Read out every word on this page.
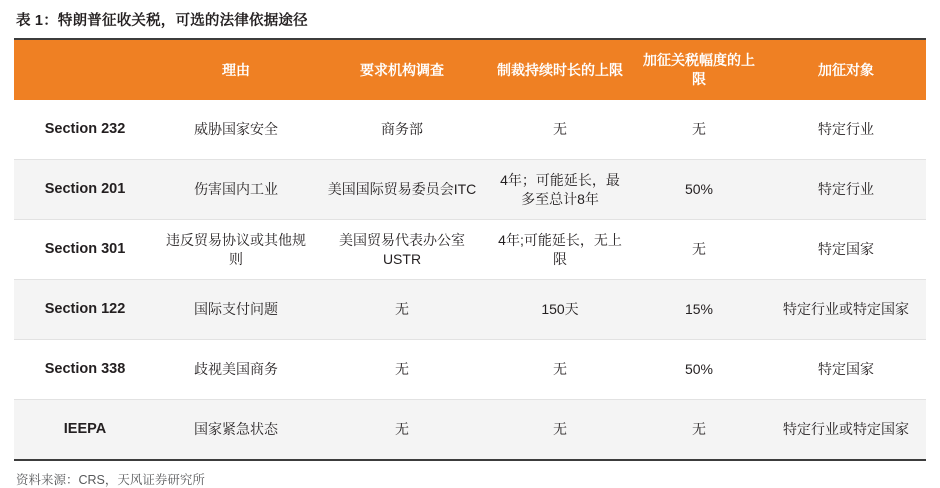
表 1：特朗普征收关税，可选的法律依据途径
	理由	要求机构调查	制裁持续时长的上限	加征关税幅度的上限	加征对象
Section 232	威胁国家安全	商务部	无	无	特定行业
Section 201	伤害国内工业	美国国际贸易委员会ITC	4年；可能延长，最多至总计8年	50%	特定行业
Section 301	违反贸易协议或其他规则	美国贸易代表办公室USTR	4年;可能延长，无上限	无	特定国家
Section 122	国际支付问题	无	150天	15%	特定行业或特定国家
Section 338	歧视美国商务	无	无	50%	特定国家
IEEPA	国家紧急状态	无	无	无	特定行业或特定国家
资料来源：CRS，天风证券研究所
